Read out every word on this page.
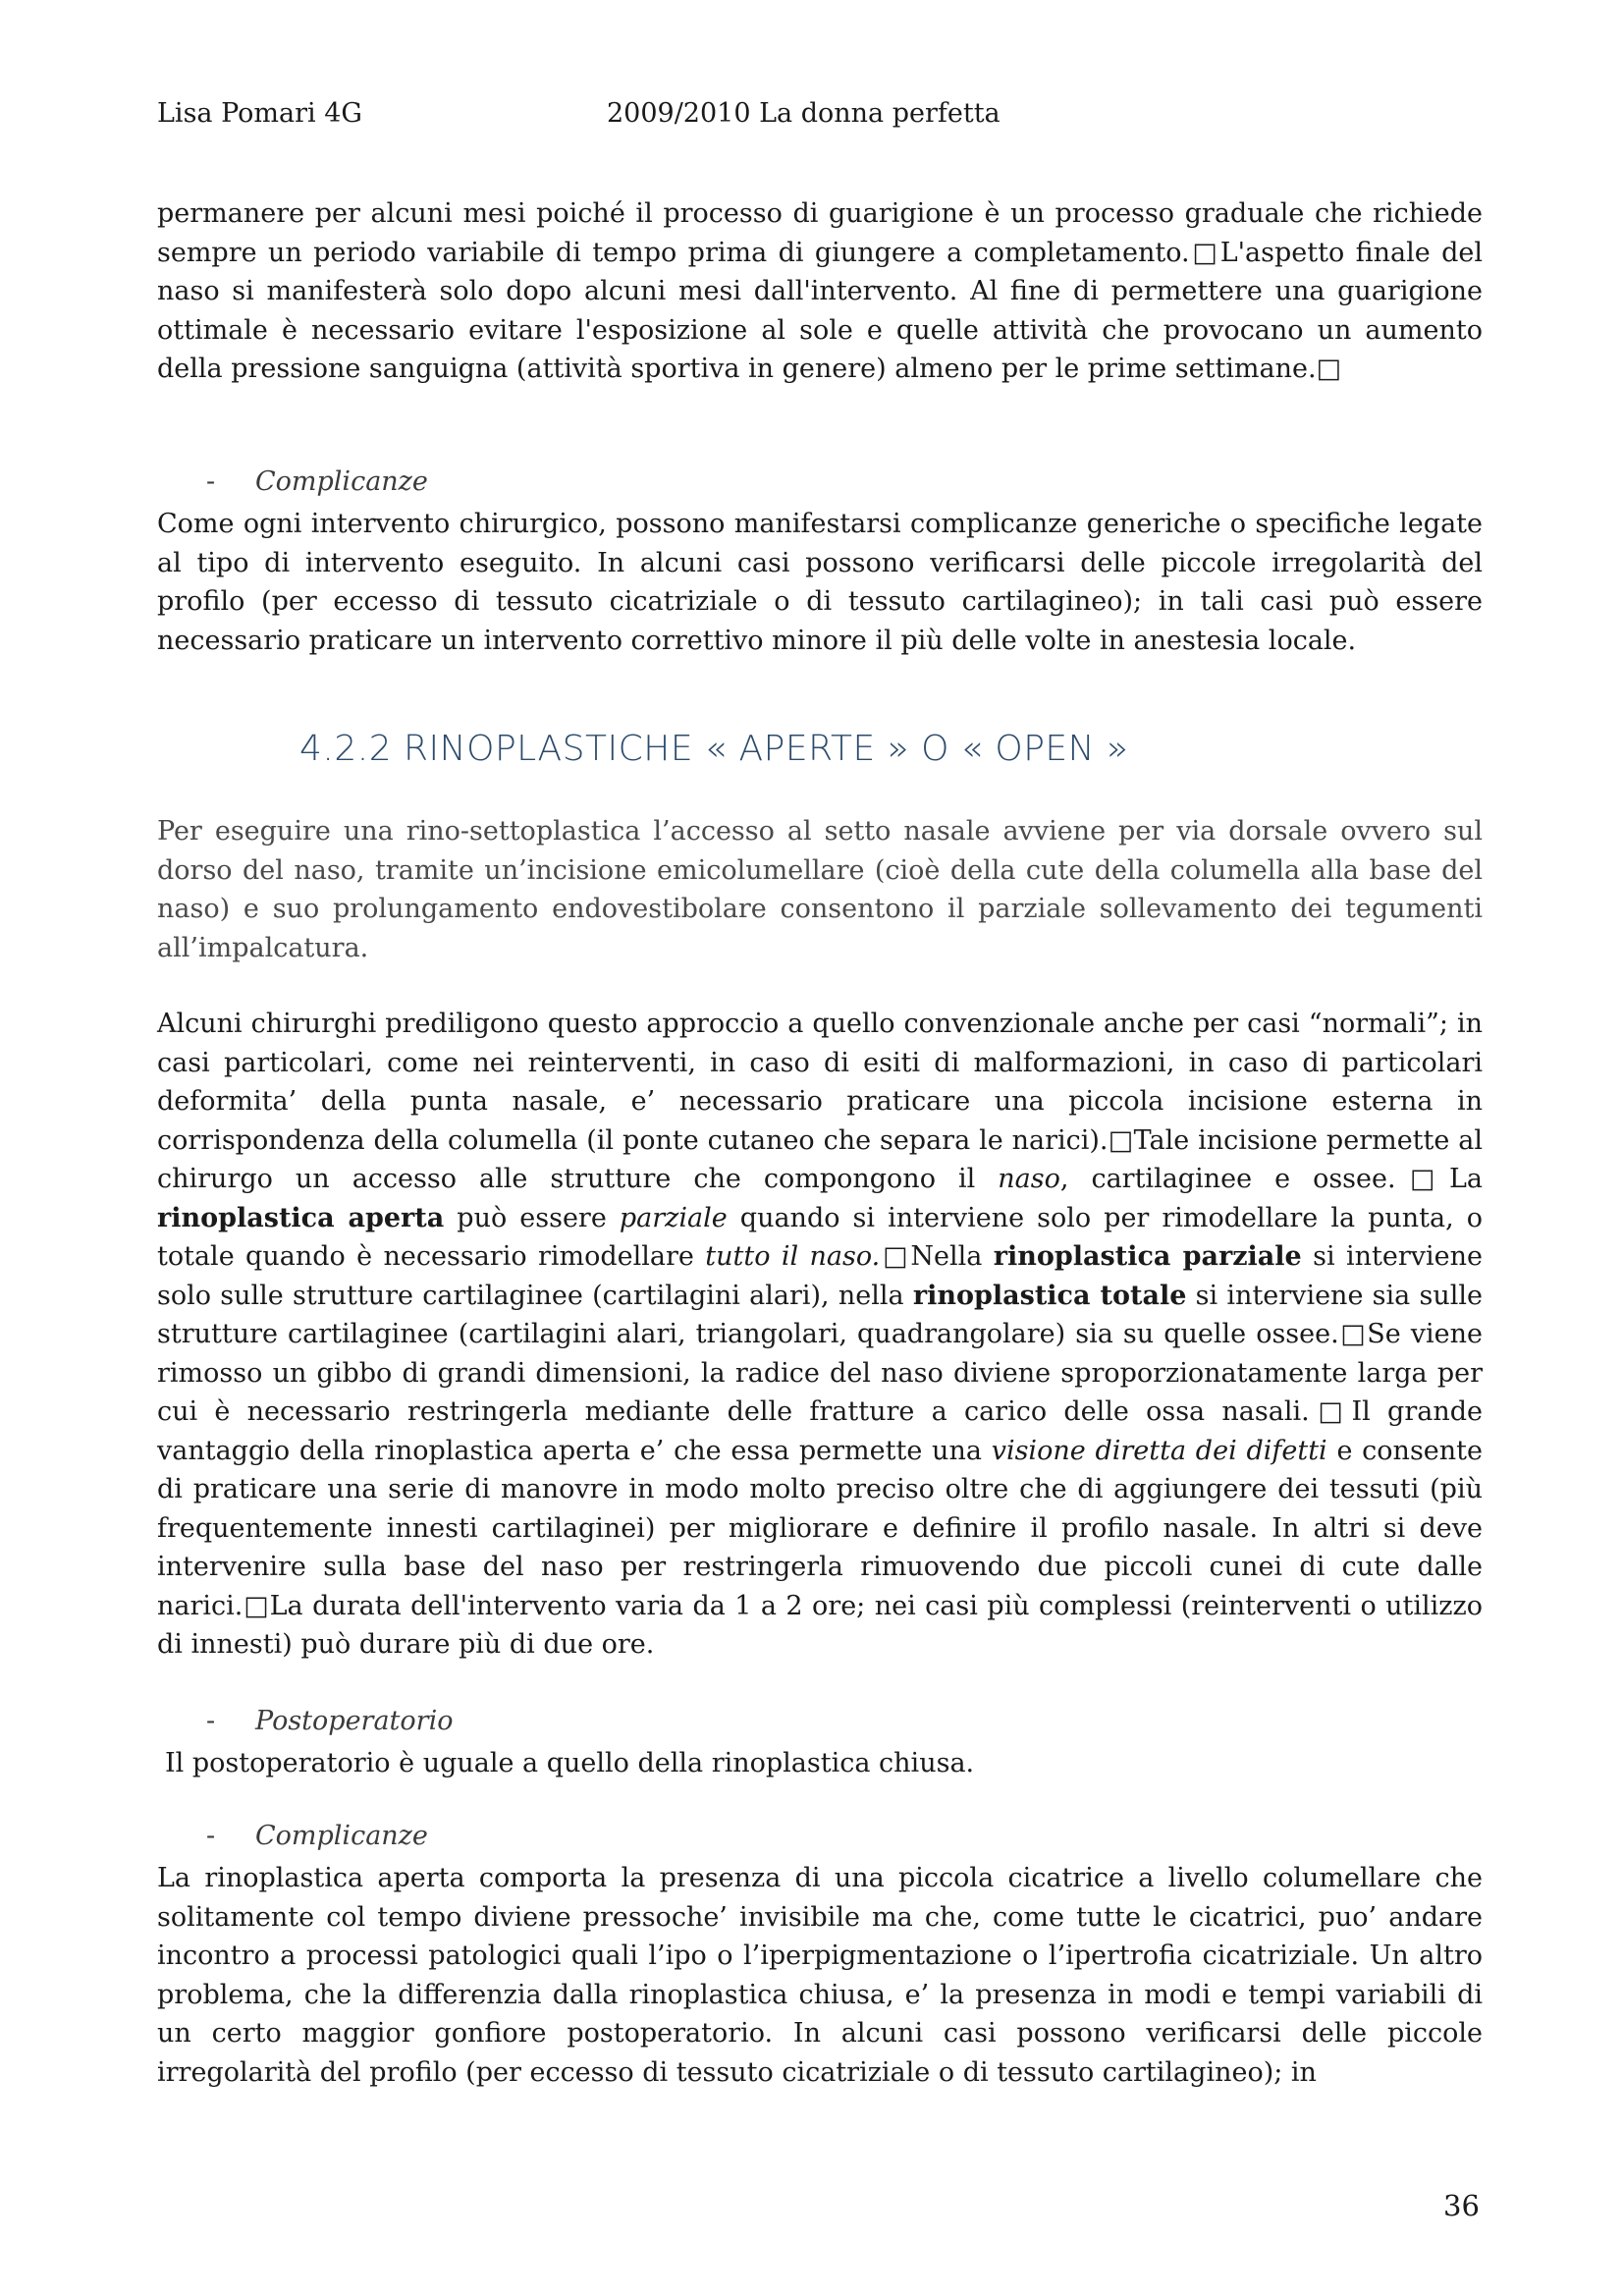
Lisa Pomari 4G	2009/2010 La donna perfetta
permanere per alcuni mesi poiché il processo di guarigione è un processo graduale che richiede sempre un periodo variabile di tempo prima di giungere a completamento.□L'aspetto finale del naso si manifesterà solo dopo alcuni mesi dall'intervento. Al fine di permettere una guarigione ottimale è necessario evitare l'esposizione al sole e quelle attività che provocano un aumento della pressione sanguigna (attività sportiva in genere) almeno per le prime settimane.□
- Complicanze
Come ogni intervento chirurgico, possono manifestarsi complicanze generiche o specifiche legate al tipo di intervento eseguito. In alcuni casi possono verificarsi delle piccole irregolarità del profilo (per eccesso di tessuto cicatriziale o di tessuto cartilagineo); in tali casi può essere necessario praticare un intervento correttivo minore il più delle volte in anestesia locale.
4.2.2 RINOPLASTICHE « APERTE » O « OPEN »
Per eseguire una rino-settoplastica l’accesso al setto nasale avviene per via dorsale ovvero sul dorso del naso, tramite un’incisione emicolumellare (cioè della cute della columella alla base del naso) e suo prolungamento endovestibolare consentono il parziale sollevamento dei tegumenti all’impalcatura.
Alcuni chirurghi prediligono questo approccio a quello convenzionale anche per casi “normali”; in casi particolari, come nei reinterventi, in caso di esiti di malformazioni, in caso di particolari deformita’ della punta nasale, e’ necessario praticare una piccola incisione esterna in corrispondenza della columella (il ponte cutaneo che separa le narici).□Tale incisione permette al chirurgo un accesso alle strutture che compongono il naso, cartilaginee e ossee.□La rinoplastica aperta può essere parziale quando si interviene solo per rimodellare la punta, o totale quando è necessario rimodellare tutto il naso.□Nella rinoplastica parziale si interviene solo sulle strutture cartilaginee (cartilagini alari), nella rinoplastica totale si interviene sia sulle strutture cartilaginee (cartilagini alari, triangolari, quadrangolare) sia su quelle ossee.□Se viene rimosso un gibbo di grandi dimensioni, la radice del naso diviene sproporzionatamente larga per cui è necessario restringerla mediante delle fratture a carico delle ossa nasali.□Il grande vantaggio della rinoplastica aperta e’ che essa permette una visione diretta dei difetti e consente di praticare una serie di manovre in modo molto preciso oltre che di aggiungere dei tessuti (più frequentemente innesti cartilaginei) per migliorare e definire il profilo nasale. In altri si deve intervenire sulla base del naso per restringerla rimuovendo due piccoli cunei di cute dalle narici.□La durata dell'intervento varia da 1 a 2 ore; nei casi più complessi (reinterventi o utilizzo di innesti) può durare più di due ore.
- Postoperatorio
Il postoperatorio è uguale a quello della rinoplastica chiusa.
- Complicanze
La rinoplastica aperta comporta la presenza di una piccola cicatrice a livello columellare che solitamente col tempo diviene pressoche’ invisibile ma che, come tutte le cicatrici, puo’ andare incontro a processi patologici quali l’ipo o l’iperpigmentazione o l’ipertrofia cicatriziale. Un altro problema, che la differenzia dalla rinoplastica chiusa, e’ la presenza in modi e tempi variabili di un certo maggior gonfiore postoperatorio. In alcuni casi possono verificarsi delle piccole irregolarità del profilo (per eccesso di tessuto cicatriziale o di tessuto cartilagineo); in
36
